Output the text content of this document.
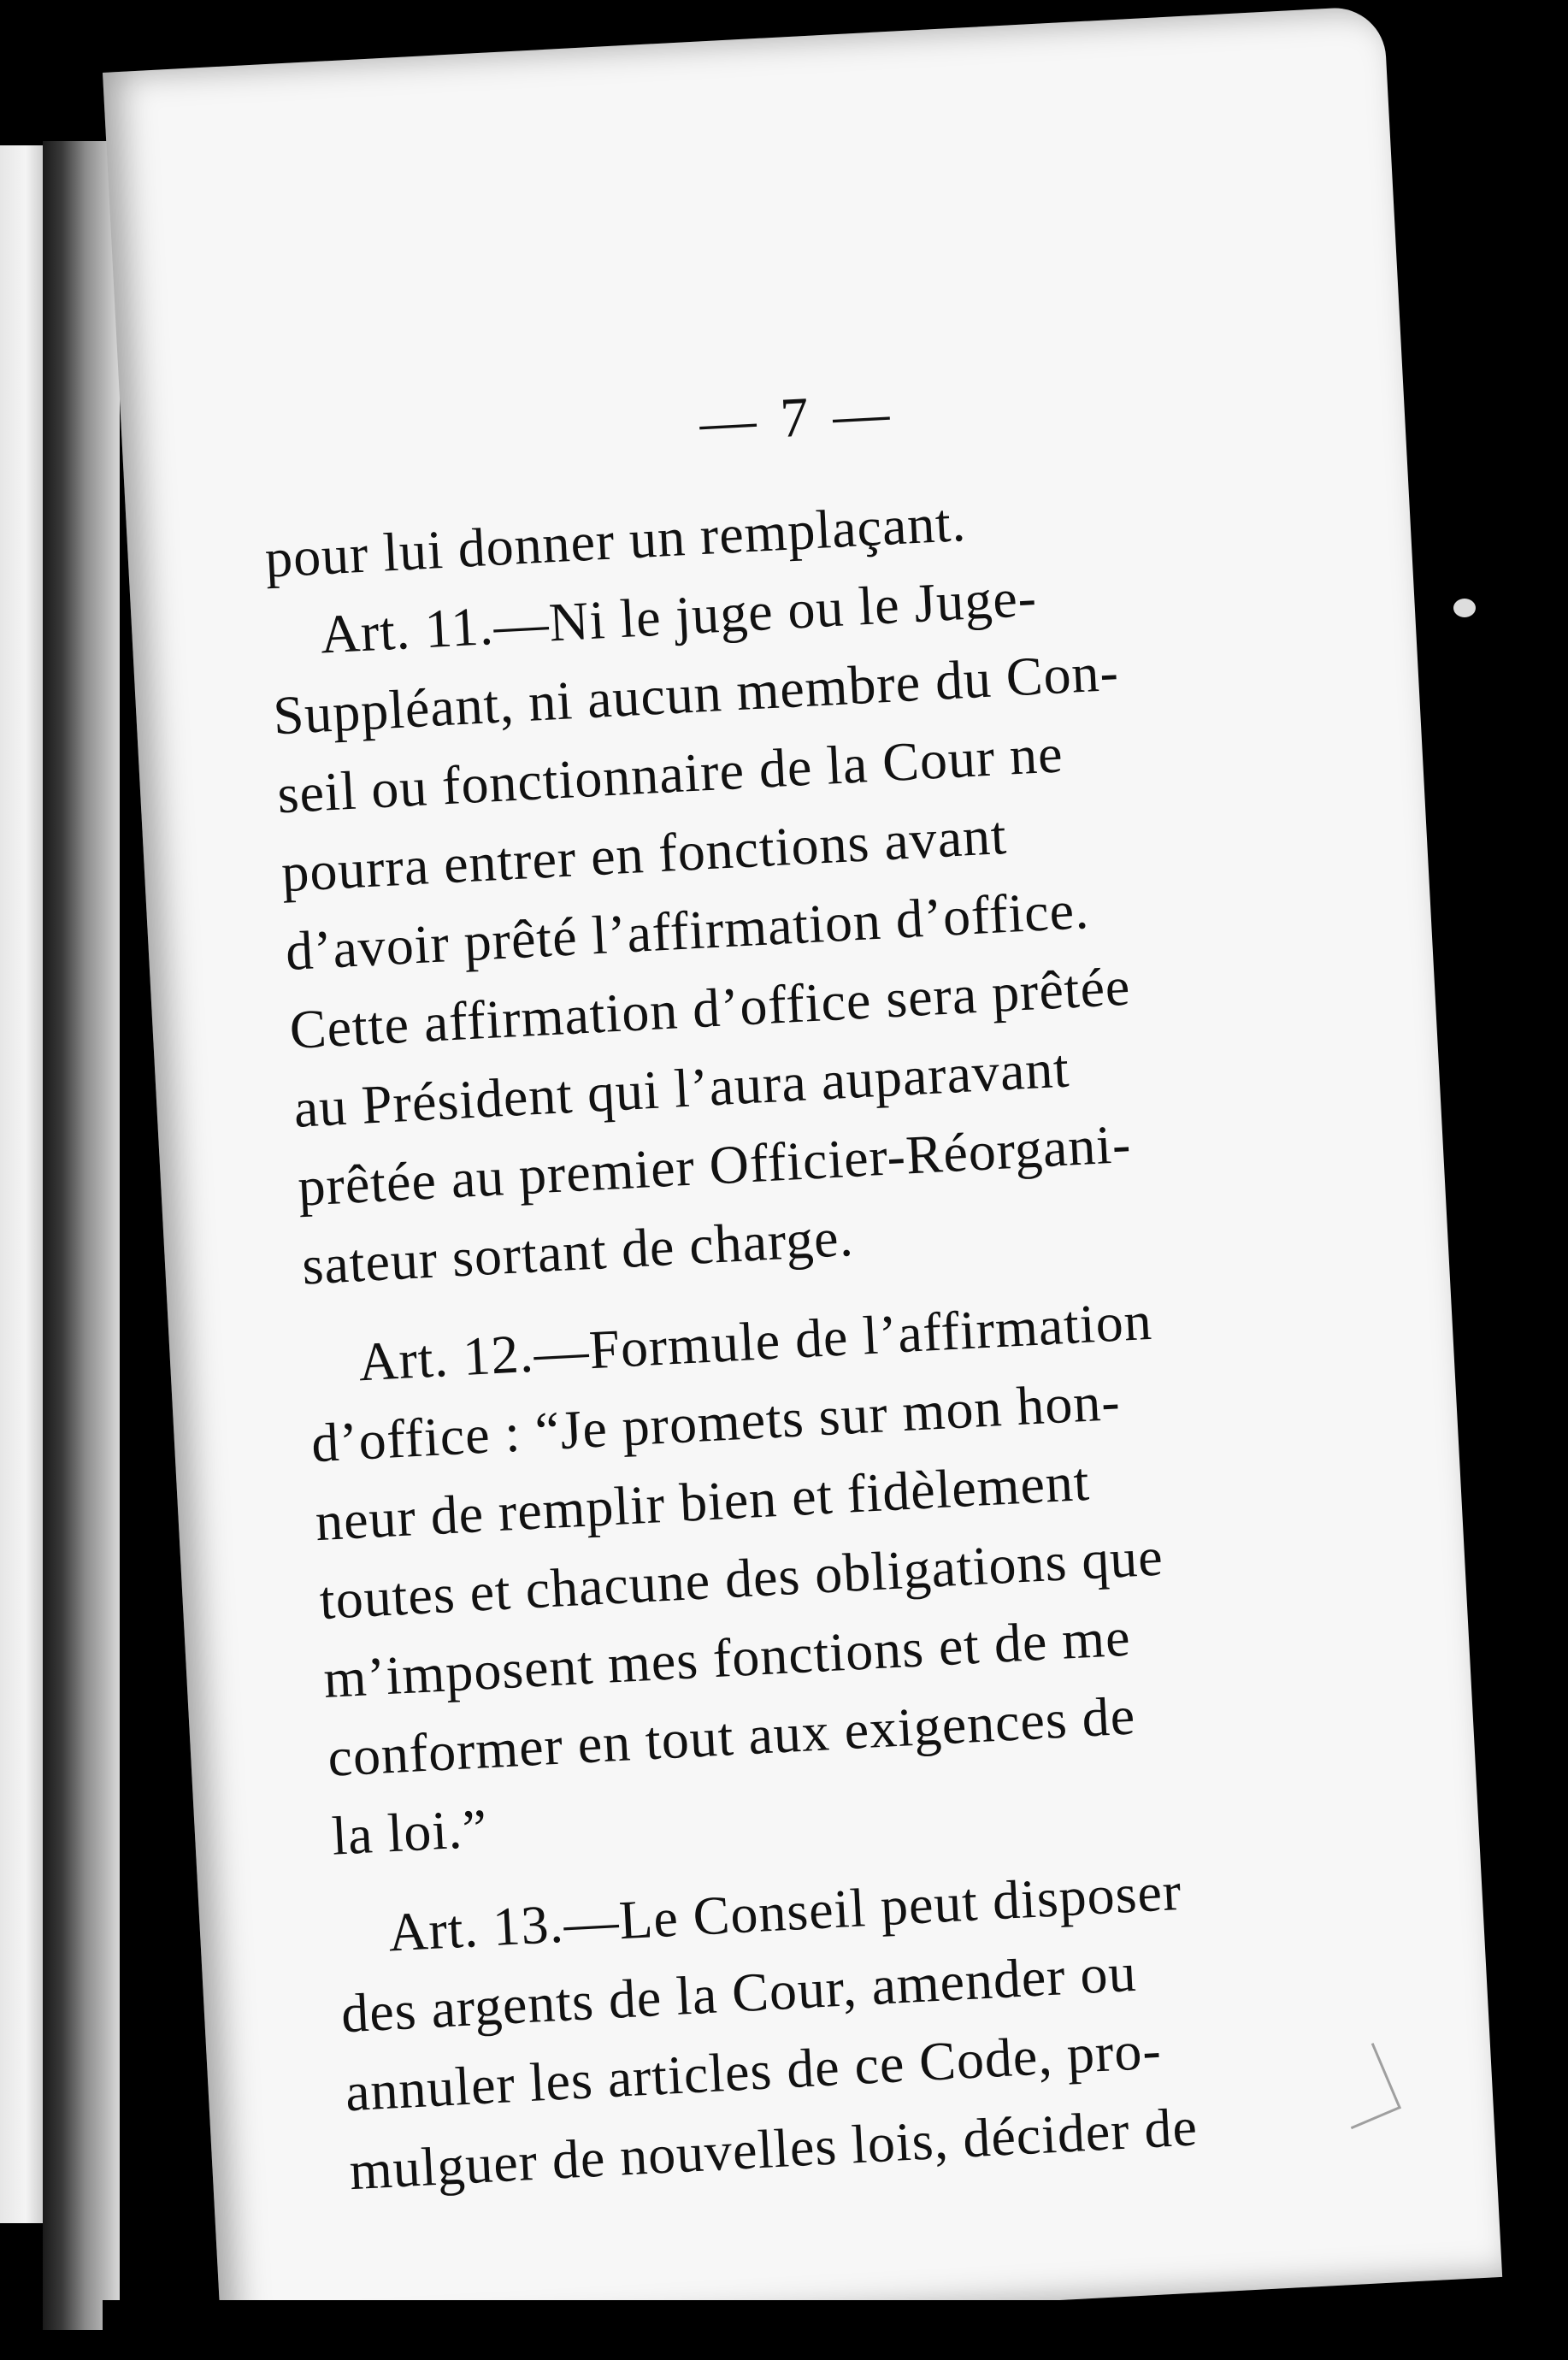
— 7 —
pour lui donner un remplaçant.
Art. 11.—Ni le juge ou le Juge-
Suppléant, ni aucun membre du Con-
seil ou fonctionnaire de la Cour ne
pourra entrer en fonctions avant
d’avoir prêté l’affirmation d’office.
Cette affirmation d’office sera prêtée
au Président qui l’aura auparavant
prêtée au premier Officier-Réorgani-
sateur sortant de charge.
Art. 12.—Formule de l’affirmation
d’office : “Je promets sur mon hon-
neur de remplir bien et fidèlement
toutes et chacune des obligations que
m’imposent mes fonctions et de me
conformer en tout aux exigences de
la loi.”
Art. 13.—Le Conseil peut disposer
des argents de la Cour, amender ou
annuler les articles de ce Code, pro-
mulguer de nouvelles lois, décider de
